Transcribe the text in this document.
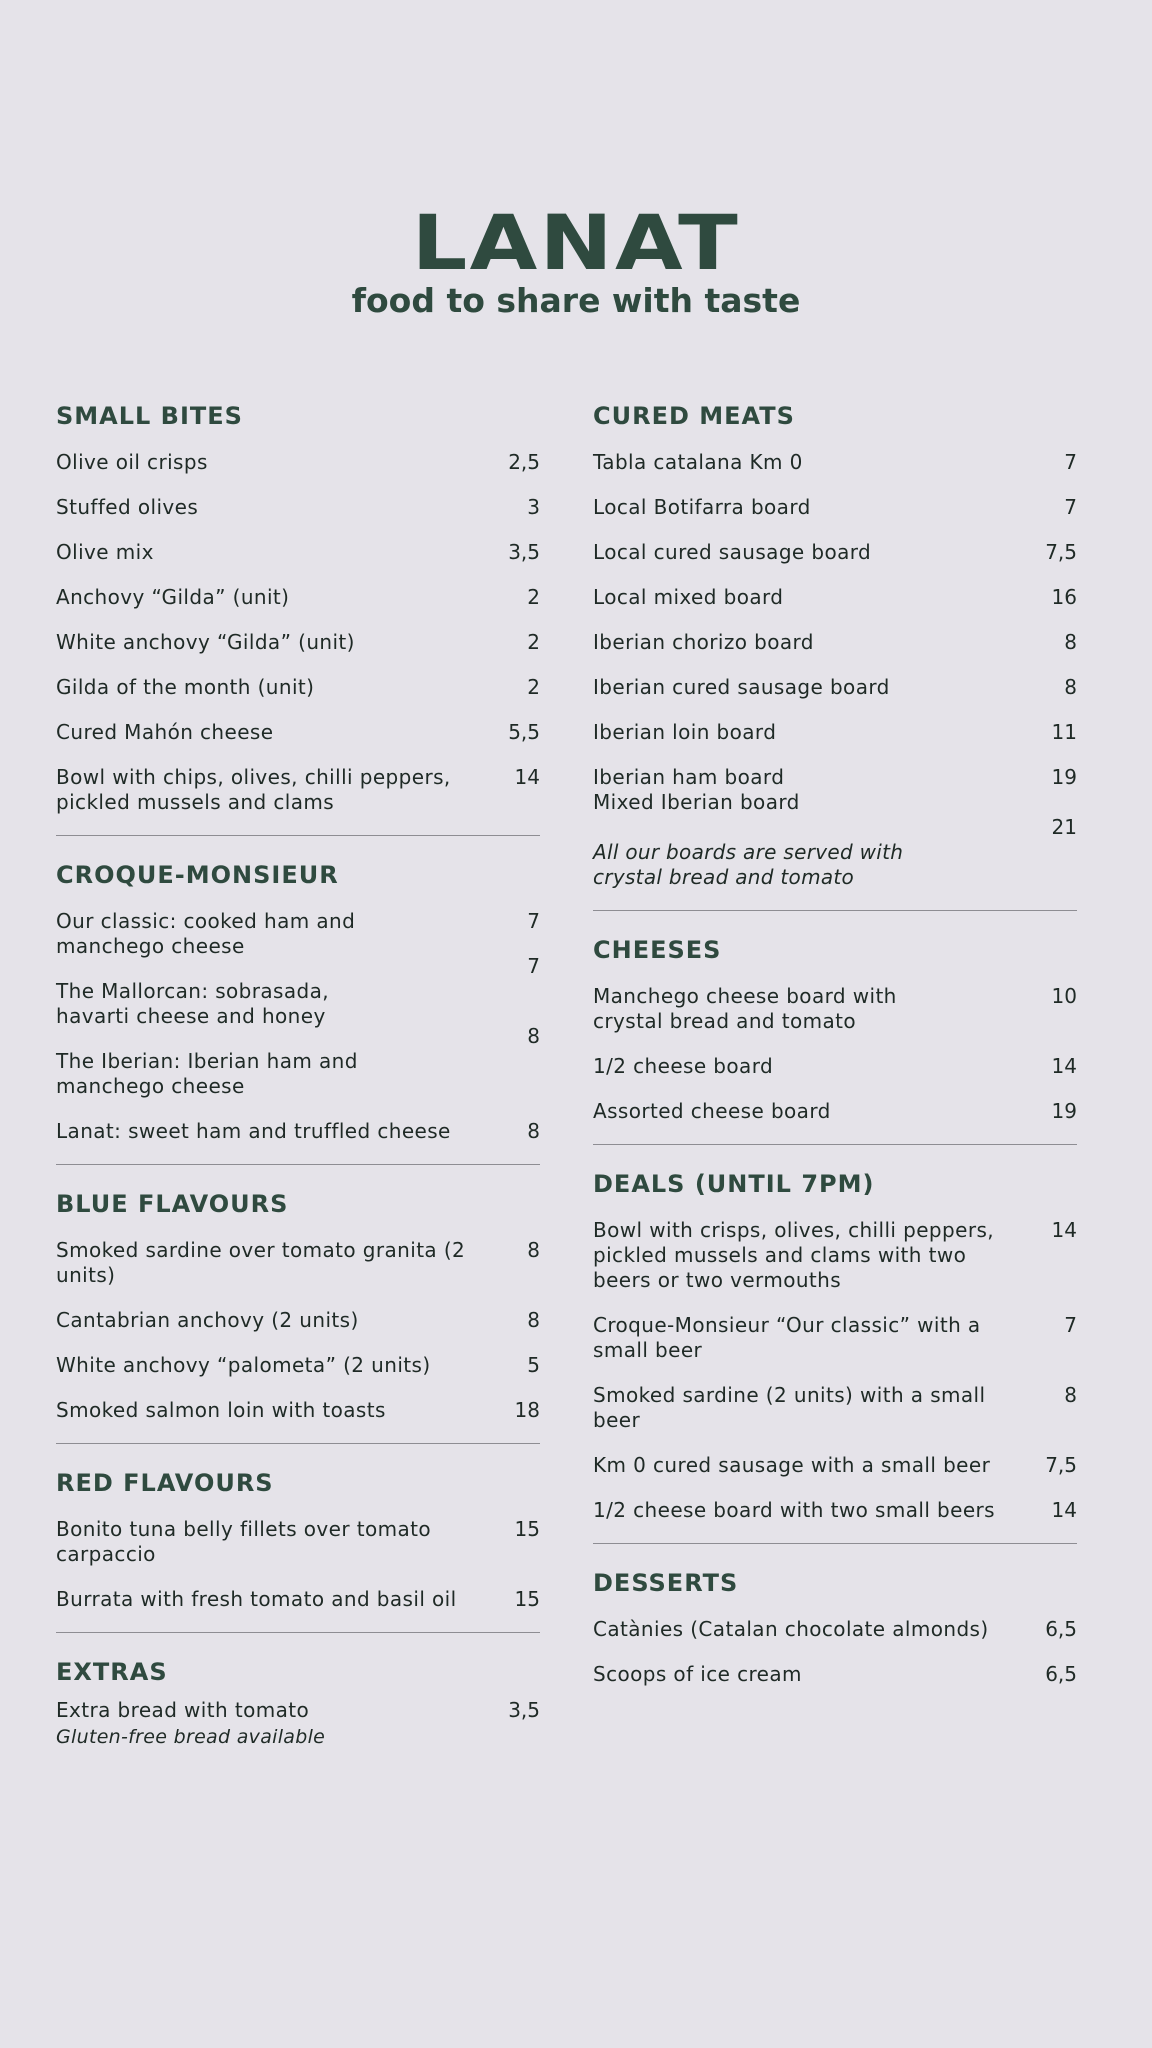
LANAT
food to share with taste
SMALL BITES
Olive oil crisps	2,5
Stuffed olives	3
Olive mix	3,5
Anchovy “Gilda” (unit)	2
White anchovy “Gilda” (unit)	2
Gilda of the month (unit)	2
Cured Mahón cheese	5,5
Bowl with chips, olives, chilli peppers, pickled mussels and clams
14
CROQUE-MONSIEUR
Our classic: cooked ham and manchego cheese
7
The Mallorcan: sobrasada, havarti cheese and honey
7
The Iberian: Iberian ham and manchego cheese
8
Lanat: sweet ham and truffled cheese	8
BLUE FLAVOURS
Smoked sardine over tomato granita (2 units)
8
Cantabrian anchovy (2 units)	8
White anchovy “palometa” (2 units)	5
Smoked salmon loin with toasts	18
RED FLAVOURS
Bonito tuna belly fillets over tomato carpaccio
15
Burrata with fresh tomato and basil oil	15
EXTRAS
Extra bread with tomato	3,5
Gluten-free bread available
CURED MEATS
Tabla catalana Km 0	7
Local Botifarra board	7
Local cured sausage board	7,5
Local mixed board	16
Iberian chorizo board	8
Iberian cured sausage board	8
Iberian loin board	11
Iberian ham board	19
Mixed Iberian board
21
All our boards are served with crystal bread and tomato
CHEESES
Manchego cheese board with crystal bread and tomato
10
1/2 cheese board	14
Assorted cheese board	19
DEALS (UNTIL 7PM)
Bowl with crisps, olives, chilli peppers, pickled mussels and clams with two beers or two vermouths
14
Croque-Monsieur “Our classic” with a small beer
7
Smoked sardine (2 units) with a small beer
8
Km 0 cured sausage with a small beer	7,5
1/2 cheese board with two small beers	14
DESSERTS
Catànies (Catalan chocolate almonds)	6,5
Scoops of ice cream	6,5
